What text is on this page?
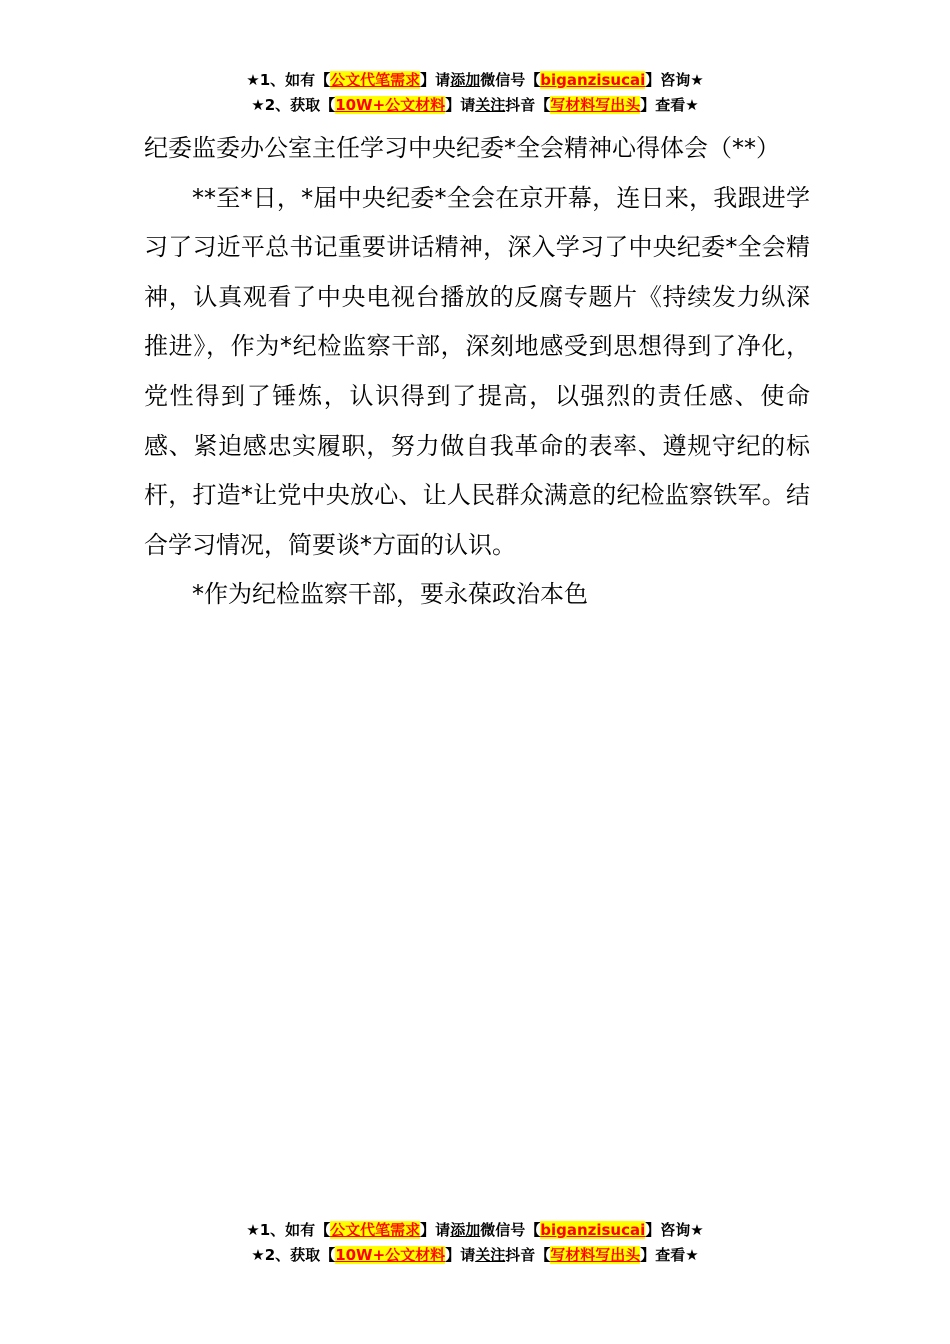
★1、如有【公文代笔需求】请添加微信号【biganzisucai】咨询★
★2、获取【10W+公文材料】请关注抖音【写材料写出头】查看★

纪委监委办公室主任学习中央纪委*全会精神心得体会（**）

**至*日，*届中央纪委*全会在京开幕，连日来，我跟进学习了习近平总书记重要讲话精神，深入学习了中央纪委*全会精神，认真观看了中央电视台播放的反腐专题片《持续发力纵深推进》，作为*纪检监察干部，深刻地感受到思想得到了净化，党性得到了锤炼，认识得到了提高，以强烈的责任感、使命感、紧迫感忠实履职，努力做自我革命的表率、遵规守纪的标杆，打造*让党中央放心、让人民群众满意的纪检监察铁军。结合学习情况，简要谈*方面的认识。

*作为纪检监察干部，要永葆政治本色

★1、如有【公文代笔需求】请添加微信号【biganzisucai】咨询★
★2、获取【10W+公文材料】请关注抖音【写材料写出头】查看★
